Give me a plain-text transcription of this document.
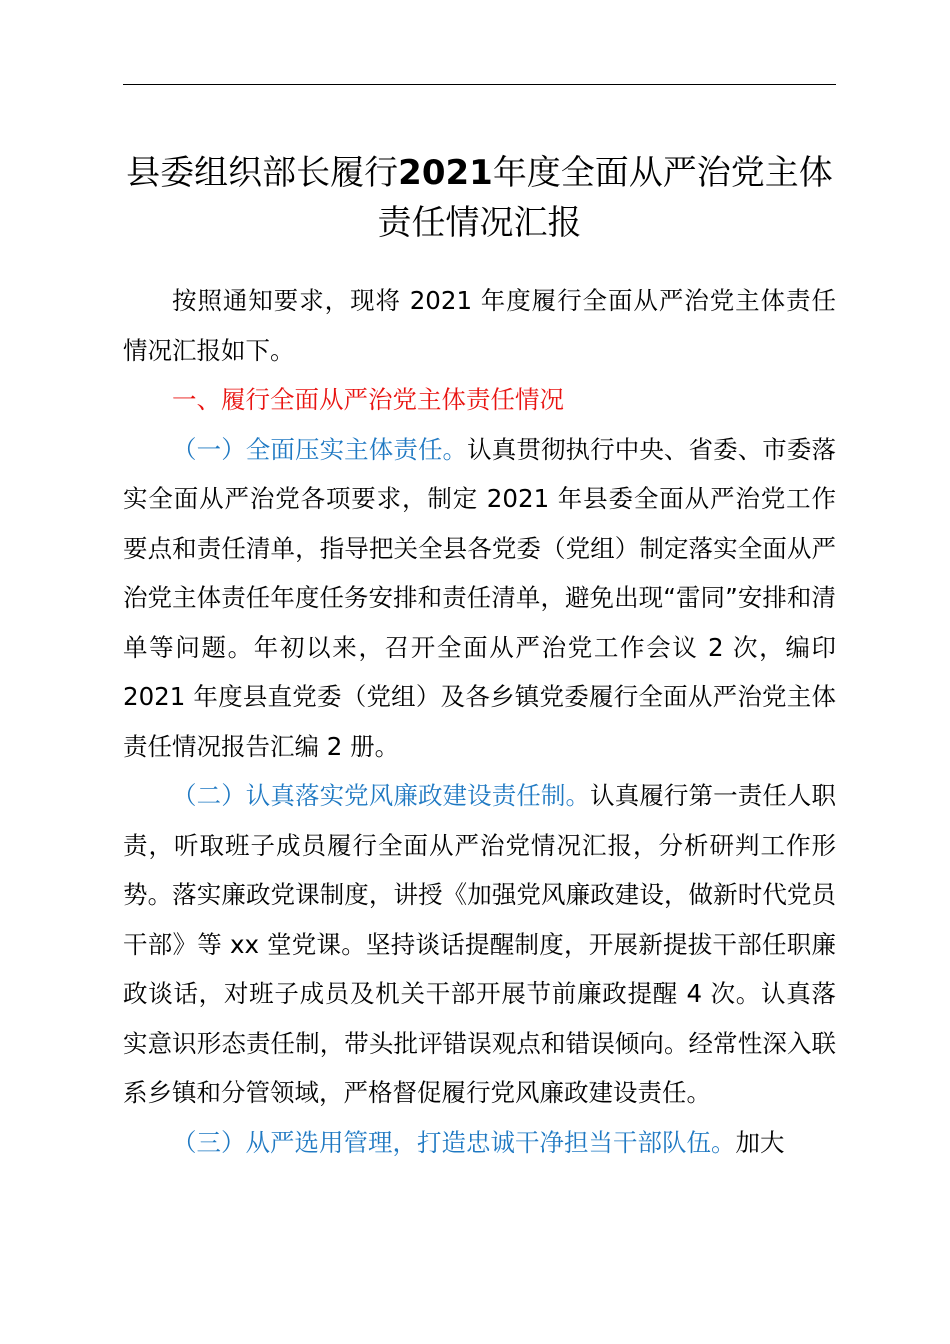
县委组织部长履行2021年度全面从严治党主体责任情况汇报

按照通知要求，现将 2021 年度履行全面从严治党主体责任情况汇报如下。

一、履行全面从严治党主体责任情况

（一）全面压实主体责任。认真贯彻执行中央、省委、市委落实全面从严治党各项要求，制定 2021 年县委全面从严治党工作要点和责任清单，指导把关全县各党委（党组）制定落实全面从严治党主体责任年度任务安排和责任清单，避免出现“雷同”安排和清单等问题。年初以来，召开全面从严治党工作会议 2 次，编印 2021 年度县直党委（党组）及各乡镇党委履行全面从严治党主体责任情况报告汇编 2 册。

（二）认真落实党风廉政建设责任制。认真履行第一责任人职责，听取班子成员履行全面从严治党情况汇报，分析研判工作形势。落实廉政党课制度，讲授《加强党风廉政建设，做新时代党员干部》等 xx 堂党课。坚持谈话提醒制度，开展新提拔干部任职廉政谈话，对班子成员及机关干部开展节前廉政提醒 4 次。认真落实意识形态责任制，带头批评错误观点和错误倾向。经常性深入联系乡镇和分管领域，严格督促履行党风廉政建设责任。

（三）从严选用管理，打造忠诚干净担当干部队伍。加大
